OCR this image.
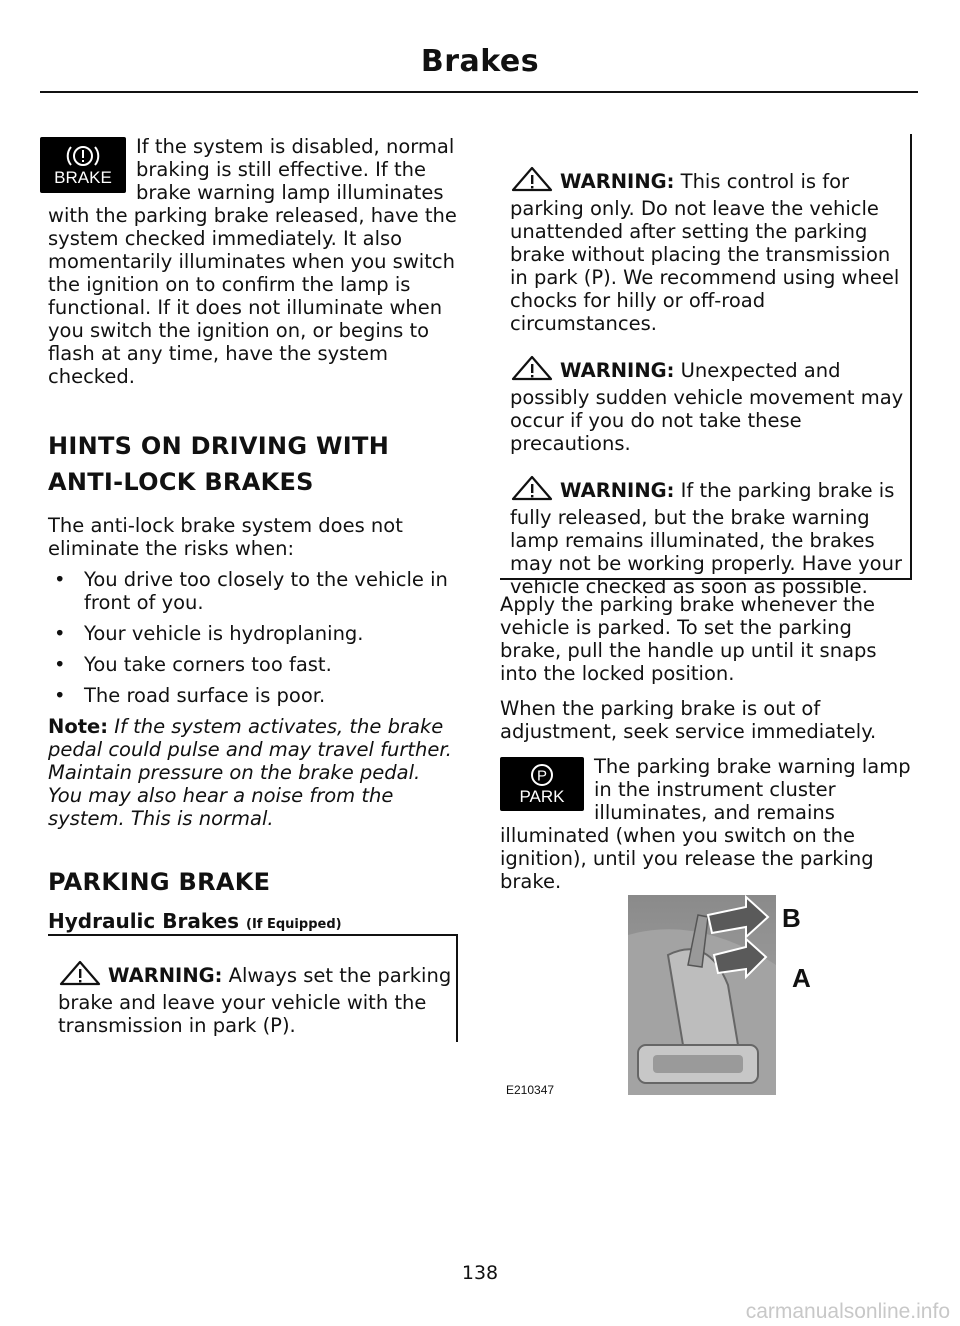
Brakes
BRAKE

If the system is disabled, normal braking is still effective. If the brake warning lamp illuminates with the parking brake released, have the system checked immediately. It also momentarily illuminates when you switch the ignition on to confirm the lamp is functional. If it does not illuminate when you switch the ignition on, or begins to flash at any time, have the system checked.

HINTS ON DRIVING WITH
ANTI-LOCK BRAKES

The anti-lock brake system does not eliminate the risks when:

• You drive too closely to the vehicle in front of you.
• Your vehicle is hydroplaning.
• You take corners too fast.
• The road surface is poor.

Note: If the system activates, the brake pedal could pulse and may travel further. Maintain pressure on the brake pedal. You may also hear a noise from the system. This is normal.

PARKING BRAKE
Hydraulic Brakes (If Equipped)
WARNING: Always set the parking brake and leave your vehicle with the transmission in park (P).
WARNING: This control is for parking only. Do not leave the vehicle unattended after setting the parking brake without placing the transmission in park (P). We recommend using wheel chocks for hilly or off-road circumstances.
WARNING: Unexpected and possibly sudden vehicle movement may occur if you do not take these precautions.
WARNING: If the parking brake is fully released, but the brake warning lamp remains illuminated, the brakes may not be working properly. Have your vehicle checked as soon as possible.

Apply the parking brake whenever the vehicle is parked. To set the parking brake, pull the handle up until it snaps into the locked position.

When the parking brake is out of adjustment, seek service immediately.

P
PARK

The parking brake warning lamp in the instrument cluster illuminates, and remains illuminated (when you switch on the ignition), until you release the parking brake.

B
A
E210347
138
carmanualsonline.info
